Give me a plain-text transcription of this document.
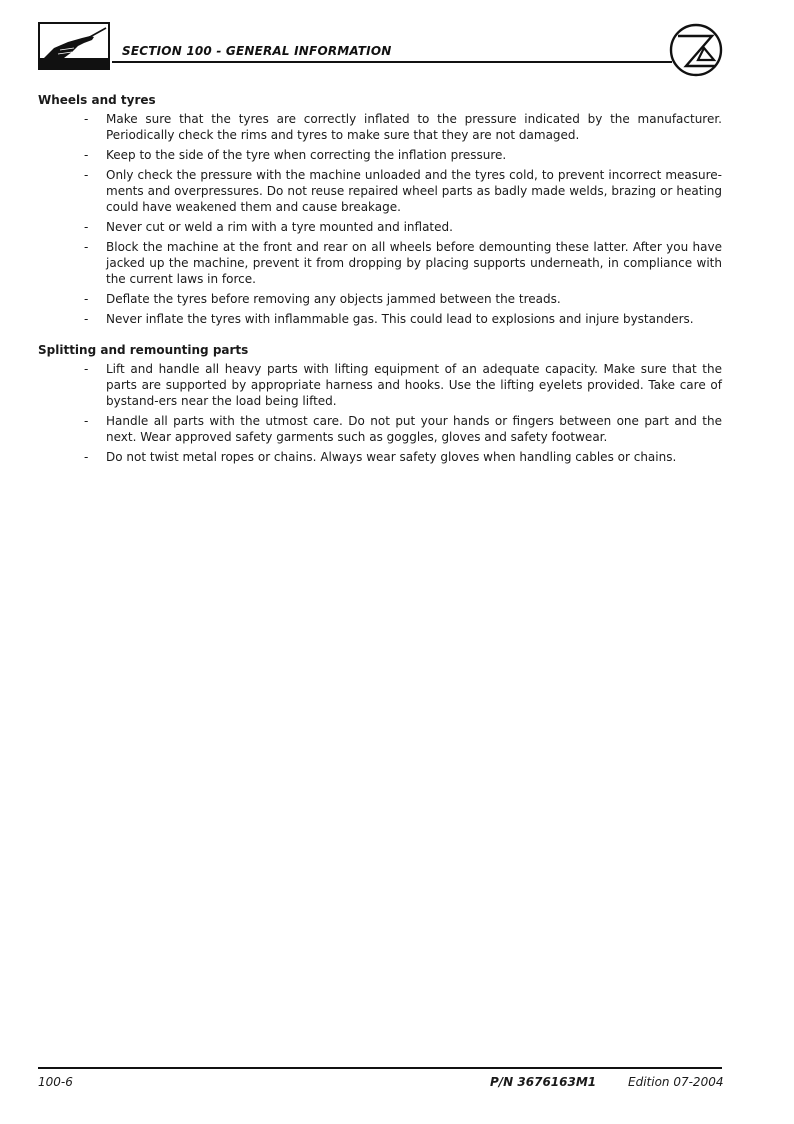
SECTION 100 - GENERAL INFORMATION
Wheels and tyres
- Make sure that the tyres are correctly inflated to the pressure indicated by the manufacturer. Periodically check the rims and tyres to make sure that they are not damaged.
- Keep to the side of the tyre when correcting the inflation pressure.
- Only check the pressure with the machine unloaded and the tyres cold, to prevent incorrect measure-ments and overpressures. Do not reuse repaired wheel parts as badly made welds, brazing or heating could have weakened them and cause breakage.
- Never cut or weld a rim with a tyre mounted and inflated.
- Block the machine at the front and rear on all wheels before demounting these latter. After you have jacked up the machine, prevent it from dropping by placing supports underneath, in compliance with the current laws in force.
- Deflate the tyres before removing any objects jammed between the treads.
- Never inflate the tyres with inflammable gas. This could lead to explosions and injure bystanders.
Splitting and remounting parts
- Lift and handle all heavy parts with lifting equipment of an adequate capacity. Make sure that the parts are supported by appropriate harness and hooks. Use the lifting eyelets provided. Take care of bystand-ers near the load being lifted.
- Handle all parts with the utmost care. Do not put your hands or fingers between one part and the next. Wear approved safety garments such as goggles, gloves and safety footwear.
- Do not twist metal ropes or chains. Always wear safety gloves when handling cables or chains.
100-6	P/N 3676163M1	Edition 07-2004
